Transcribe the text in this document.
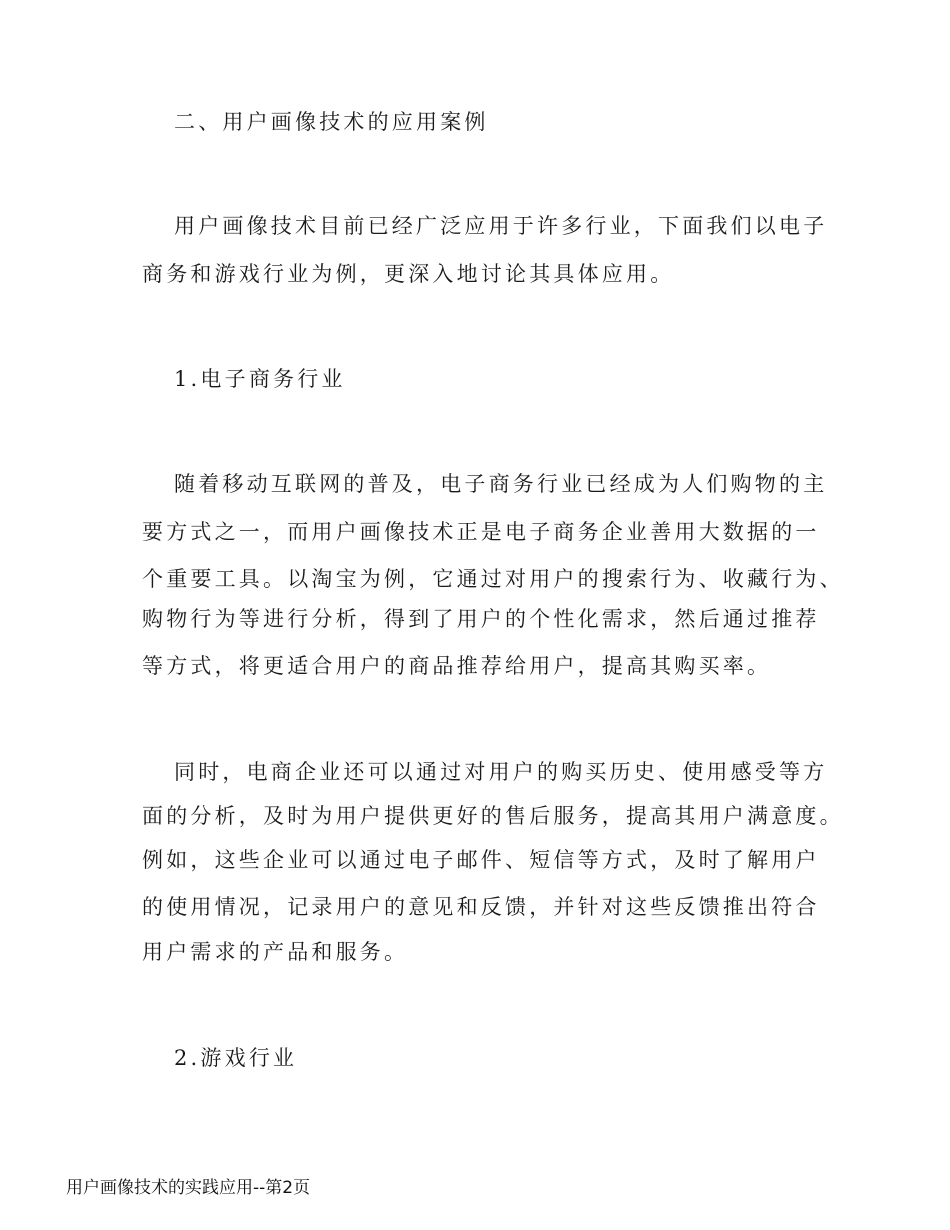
二、用户画像技术的应用案例
用户画像技术目前已经广泛应用于许多行业，下面我们以电子
商务和游戏行业为例，更深入地讨论其具体应用。
1.电子商务行业
随着移动互联网的普及，电子商务行业已经成为人们购物的主
要方式之一，而用户画像技术正是电子商务企业善用大数据的一
个重要工具。以淘宝为例，它通过对用户的搜索行为、收藏行为、
购物行为等进行分析，得到了用户的个性化需求，然后通过推荐
等方式，将更适合用户的商品推荐给用户，提高其购买率。
同时，电商企业还可以通过对用户的购买历史、使用感受等方
面的分析，及时为用户提供更好的售后服务，提高其用户满意度。
例如，这些企业可以通过电子邮件、短信等方式，及时了解用户
的使用情况，记录用户的意见和反馈，并针对这些反馈推出符合
用户需求的产品和服务。
2.游戏行业
用户画像技术的实践应用--第2页
